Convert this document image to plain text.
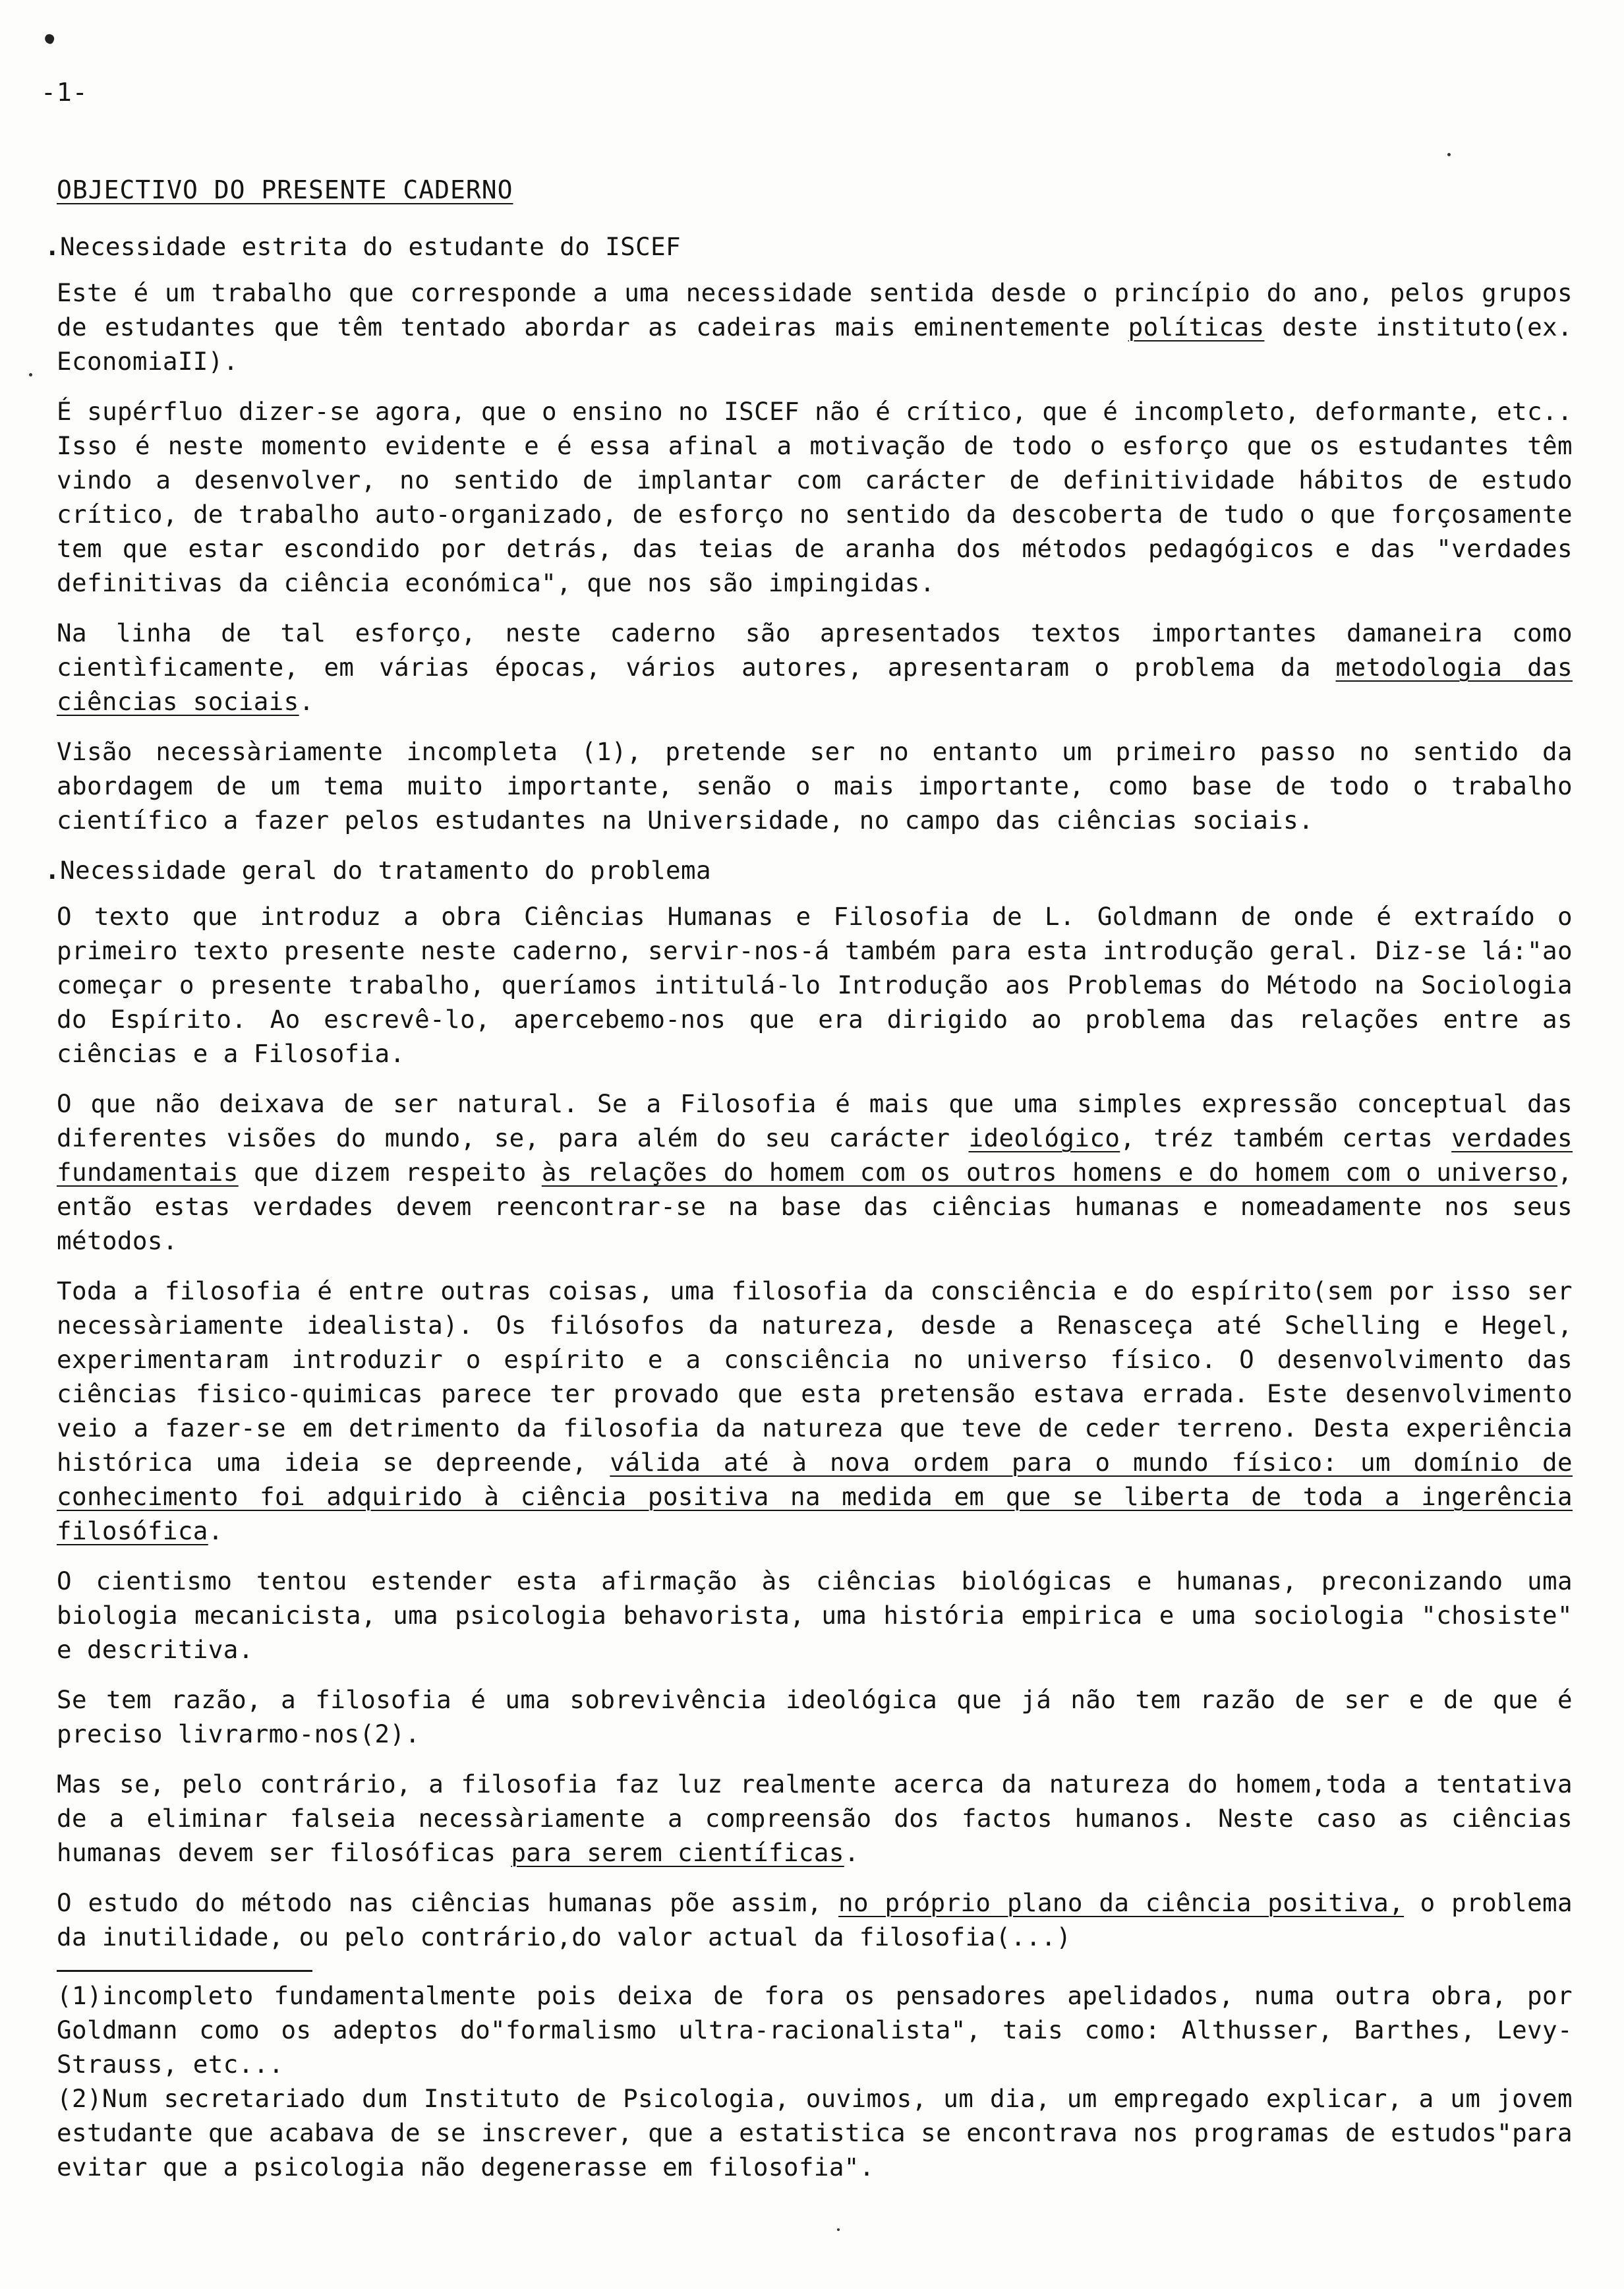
-1-
OBJECTIVO DO PRESENTE CADERNO
.Necessidade estrita do estudante do ISCEF

Este é um trabalho que corresponde a uma necessidade sentida desde o princípio do ano, pelos grupos de estudantes que têm tentado abordar as cadeiras mais eminentemente políticas deste instituto(ex. EconomiaII).

É supérfluo dizer-se agora, que o ensino no ISCEF não é crítico, que é incompleto, deformante, etc.. Isso é neste momento evidente e é essa afinal a motivação de todo o esforço que os estudantes têm vindo a desenvolver, no sentido de implantar com carácter de definitividade hábitos de estudo crítico, de trabalho auto-organizado, de esforço no sentido da descoberta de tudo o que forçosamente tem que estar escondido por detrás, das teias de aranha dos métodos pedagógicos e das "verdades definitivas da ciência económica", que nos são impingidas.

Na linha de tal esforço, neste caderno são apresentados textos importantes damaneira como cientìficamente, em várias épocas, vários autores, apresentaram o problema da metodologia das ciências sociais.

Visão necessàriamente incompleta (1), pretende ser no entanto um primeiro passo no sentido da abordagem de um tema muito importante, senão o mais importante, como base de todo o trabalho científico a fazer pelos estudantes na Universidade, no campo das ciências sociais.

.Necessidade geral do tratamento do problema

O texto que introduz a obra Ciências Humanas e Filosofia de L. Goldmann de onde é extraído o primeiro texto presente neste caderno, servir-nos-á também para esta introdução geral. Diz-se lá:"ao começar o presente trabalho, queríamos intitulá-lo Introdução aos Problemas do Método na Sociologia do Espírito. Ao escrevê-lo, apercebemo-nos que era dirigido ao problema das relações entre as ciências e a Filosofia.

O que não deixava de ser natural. Se a Filosofia é mais que uma simples expressão conceptual das diferentes visões do mundo, se, para além do seu carácter ideológico, tréz também certas verdades fundamentais que dizem respeito às relações do homem com os outros homens e do homem com o universo, então estas verdades devem reencontrar-se na base das ciências humanas e nomeadamente nos seus métodos.

Toda a filosofia é entre outras coisas, uma filosofia da consciência e do espírito(sem por isso ser necessàriamente idealista). Os filósofos da natureza, desde a Renasceça até Schelling e Hegel, experimentaram introduzir o espírito e a consciência no universo físico. O desenvolvimento das ciências fisico-quimicas parece ter provado que esta pretensão estava errada. Este desenvolvimento veio a fazer-se em detrimento da filosofia da natureza que teve de ceder terreno. Desta experiência histórica uma ideia se depreende, válida até à nova ordem para o mundo físico: um domínio de conhecimento foi adquirido à ciência positiva na medida em que se liberta de toda a ingerência filosófica.

O cientismo tentou estender esta afirmação às ciências biológicas e humanas, preconizando uma biologia mecanicista, uma psicologia behavorista, uma história empirica e uma sociologia "chosiste" e descritiva.

Se tem razão, a filosofia é uma sobrevivência ideológica que já não tem razão de ser e de que é preciso livrarmo-nos(2).

Mas se, pelo contrário, a filosofia faz luz realmente acerca da natureza do homem,toda a tentativa de a eliminar falseia necessàriamente a compreensão dos factos humanos. Neste caso as ciências humanas devem ser filosóficas para serem científicas.

O estudo do método nas ciências humanas põe assim, no próprio plano da ciência positiva, o problema da inutilidade, ou pelo contrário,do valor actual da filosofia(...)

(1)incompleto fundamentalmente pois deixa de fora os pensadores apelidados, numa outra obra, por Goldmann como os adeptos do"formalismo ultra-racionalista", tais como: Althusser, Barthes, Levy-Strauss, etc...

(2)Num secretariado dum Instituto de Psicologia, ouvimos, um dia, um empregado explicar, a um jovem estudante que acabava de se inscrever, que a estatistica se encontrava nos programas de estudos"para evitar que a psicologia não degenerasse em filosofia".
